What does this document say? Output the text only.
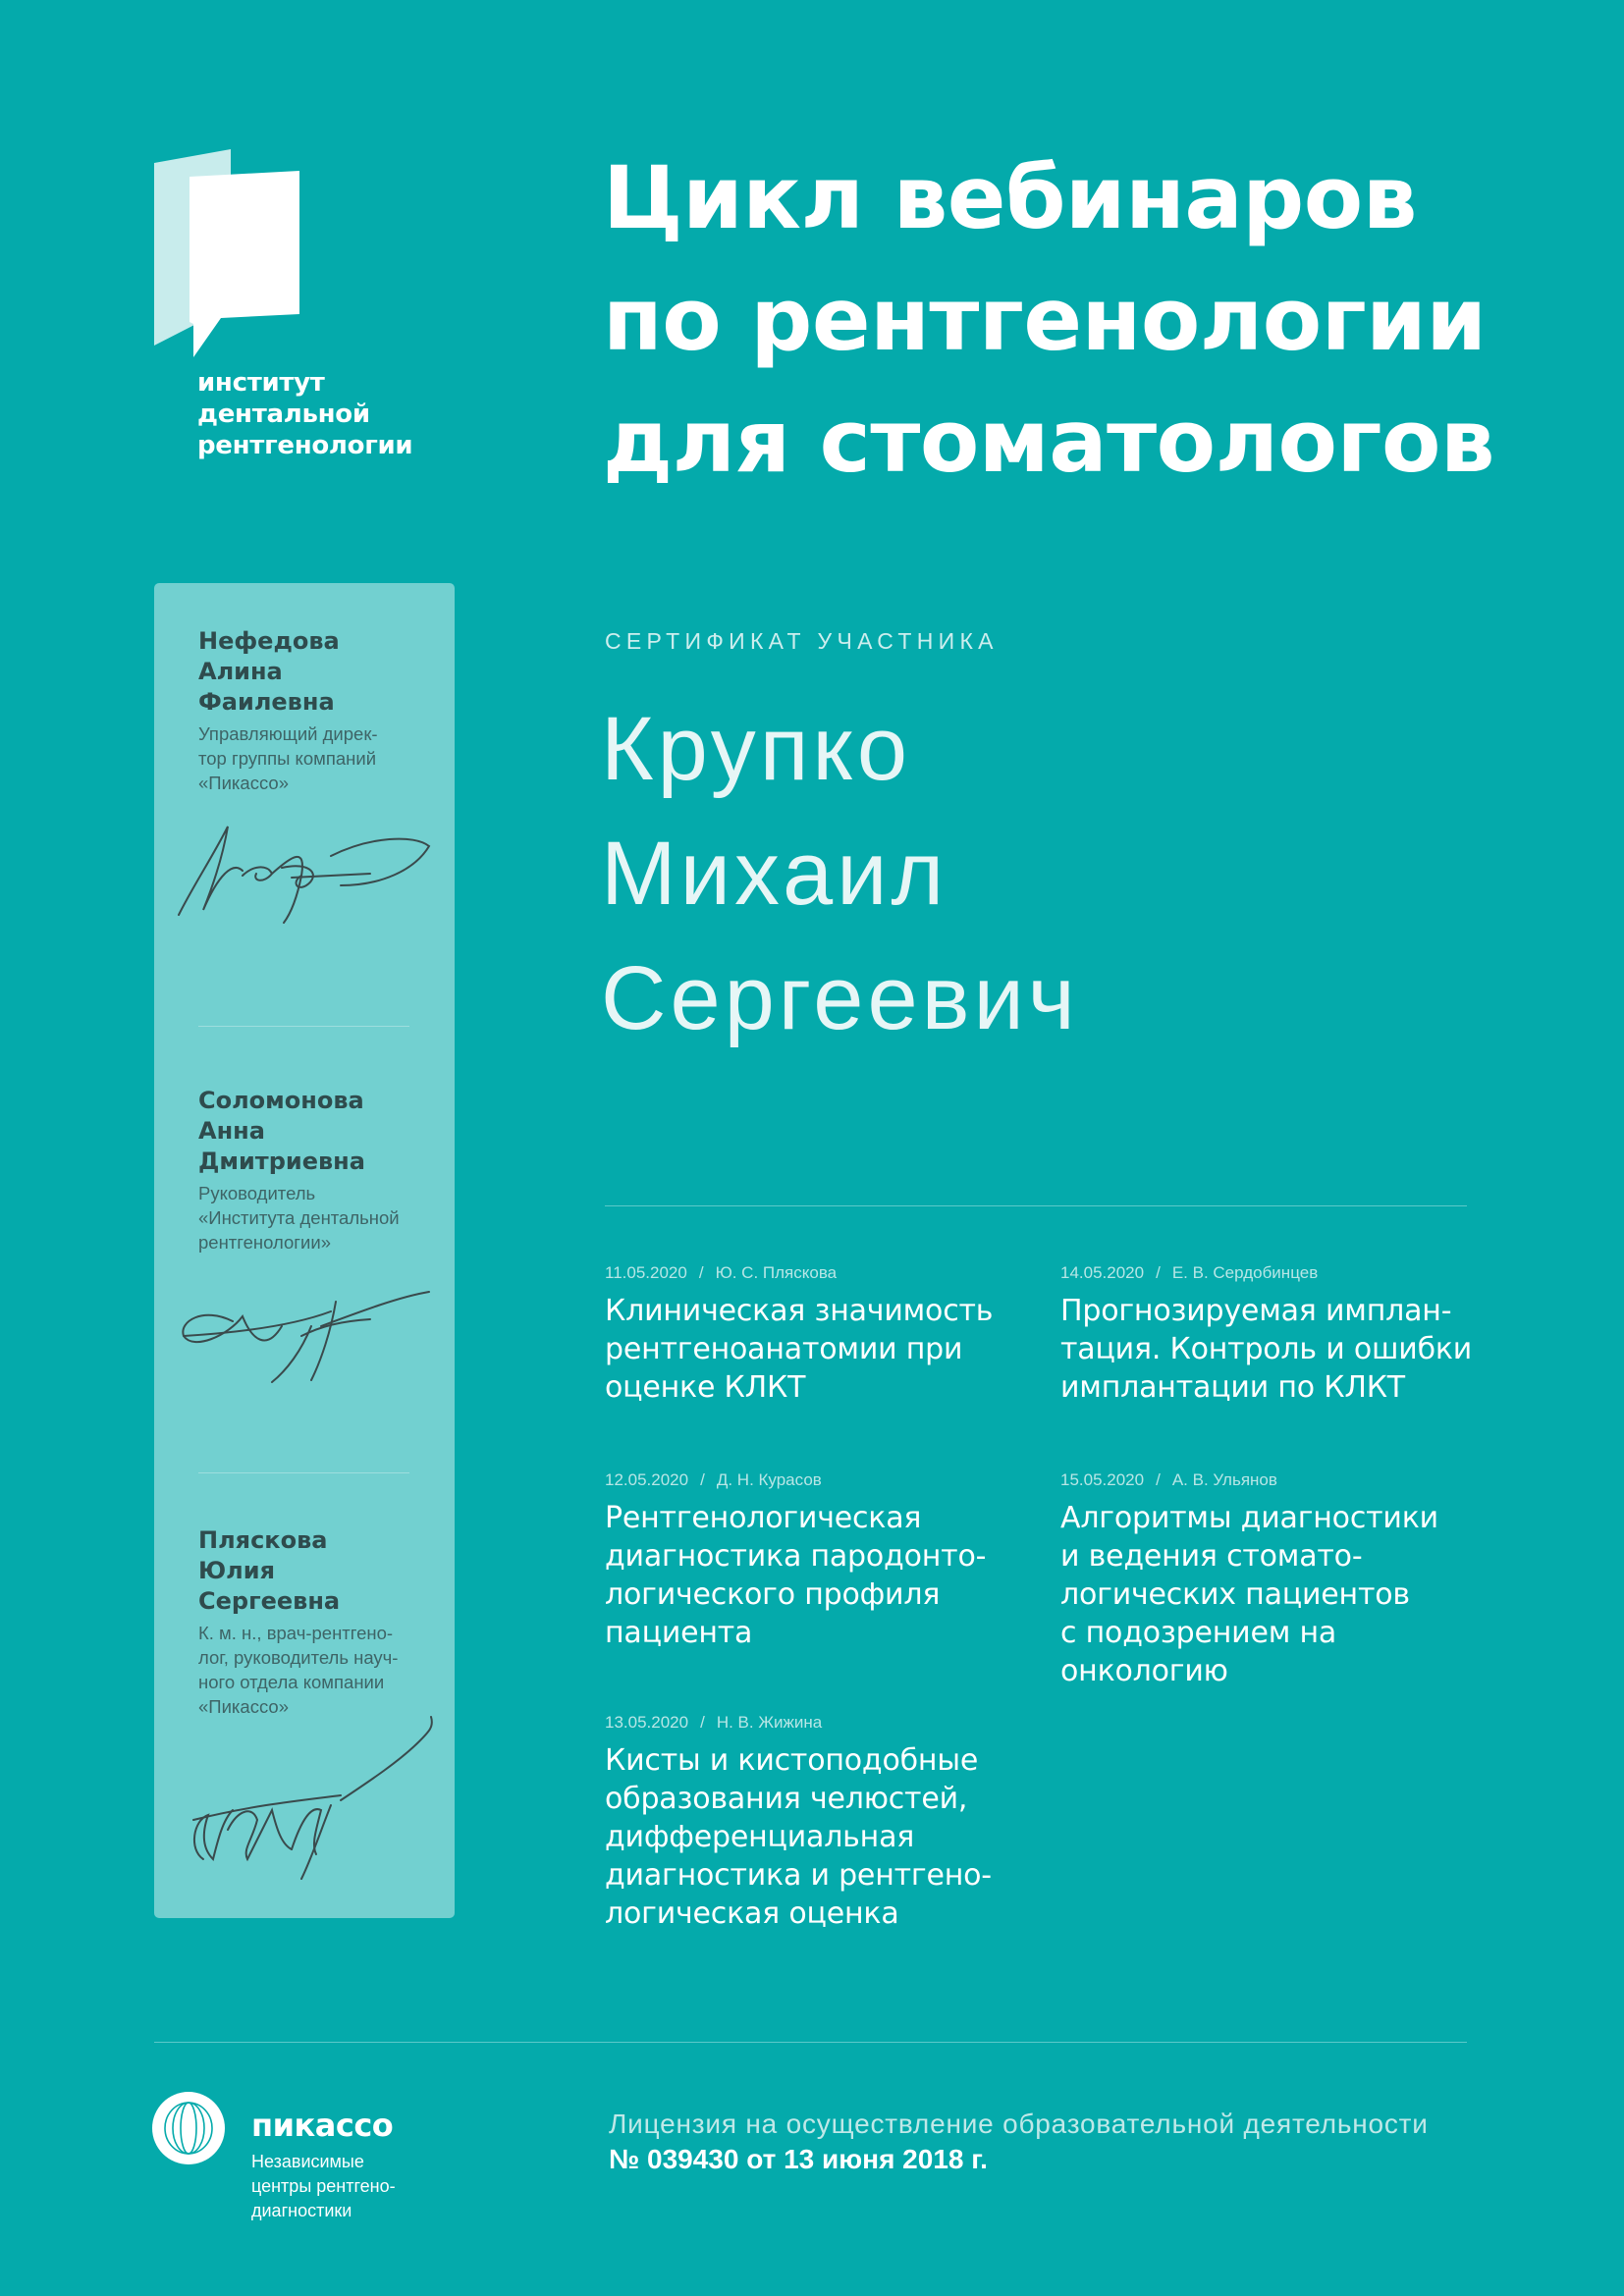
институт
дентальной
рентгенологии
Цикл вебинаров
по рентгенологии
для стоматологов
Нефедова
Алина
Фаилевна
Управляющий дирек-
тор группы компаний
«Пикассо»
Соломонова
Анна
Дмитриевна
Руководитель
«Института дентальной
рентгенологии»
Пляскова
Юлия
Сергеевна
К. м. н., врач-рентгено-
лог, руководитель науч-
ного отдела компании
«Пикассо»
СЕРТИФИКАТ УЧАСТНИКА
Крупко
Михаил
Сергеевич
11.05.2020 / Ю. С. Пляскова
Клиническая значимость
рентгеноанатомии при
оценке КЛКТ
12.05.2020 / Д. Н. Курасов
Рентгенологическая
диагностика пародонто-
логического профиля
пациента
13.05.2020 / Н. В. Жижина
Кисты и кистоподобные
образования челюстей,
дифференциальная
диагностика и рентгено-
логическая оценка
14.05.2020 / Е. В. Сердобинцев
Прогнозируемая имплан-
тация. Контроль и ошибки
имплантации по КЛКТ
15.05.2020 / А. В. Ульянов
Алгоритмы диагностики
и ведения стомато-
логических пациентов
с подозрением на
онкологию
пикассо
Независимые
центры рентгено-
диагностики
Лицензия на осуществление образовательной деятельности
№ 039430 от 13 июня 2018 г.
